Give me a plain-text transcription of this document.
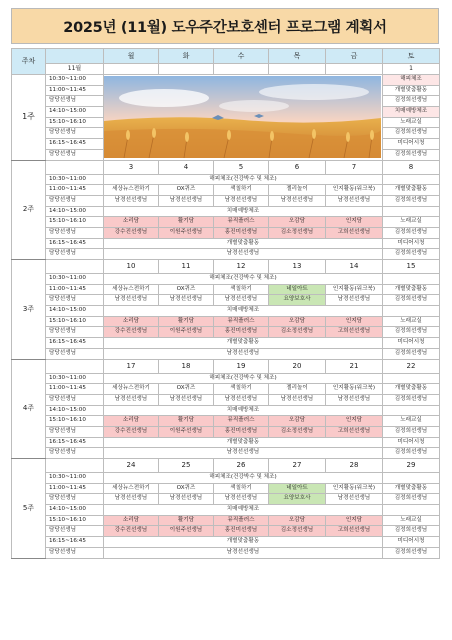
2025년 (11월) 도우주간보호센터 프로그램 계획서
주차		월	화	수	목	금	토
	11월						1
1주	10:30~11:00						해피체조
	11:00~11:45						개별맞춤활동
	담당선생님						김정희선생님
	14:10~15:00						치매예방체조
	15:10~16:10						노래교실
	담당선생님						김정희선생님
	16:15~16:45						미디어시청
	담당선생님						김정희선생님
2주		3	4	5	6	7	8
	10:30~11:00	해피체조(건강박수 및 체조)					
	11:00~11:45	세상뉴스전하기	OX퀴즈	색칠하기	젤리놀이	인지활동(워크북)	개별맞춤활동
	담당선생님	남경선선생님	남경선선생님	남경선선생님	남경선선생님	남경선선생님	김정희선생님
	14:10~15:00	치매예방체조					
	15:10~16:10	소리담	활기담	뮤직플러스	오감담	인지담	노래교실
	담당선생님	강수진선생님	이원주선생님	홍진미선생님	김소정선생님	고희선선생님	김정희선생님
	16:15~16:45	개별맞춤활동					미디어시청
	담당선생님	남경선선생님					김정희선생님
3주		10	11	12	13	14	15
	10:30~11:00	해피체조(건강박수 및 체조)					
	11:00~11:45	세상뉴스전하기	OX퀴즈	색칠하기	네일아트	인지활동(워크북)	개별맞춤활동
	담당선생님	남경선선생님	남경선선생님	남경선선생님	요양보호사	남경선선생님	김정희선생님
	14:10~15:00	치매예방체조					
	15:10~16:10	소리담	활기담	뮤직플러스	오감담	인지담	노래교실
	담당선생님	강수진선생님	이원주선생님	홍진미선생님	김소정선생님	고희선선생님	김정희선생님
	16:15~16:45	개별맞춤활동					미디어시청
	담당선생님	남경선선생님					김정희선생님
4주		17	18	19	20	21	22
	10:30~11:00	해피체조(건강박수 및 체조)					
	11:00~11:45	세상뉴스전하기	OX퀴즈	색칠하기	젤리놀이	인지활동(워크북)	개별맞춤활동
	담당선생님	남경선선생님	남경선선생님	남경선선생님	남경선선생님	남경선선생님	김정희선생님
	14:10~15:00	치매예방체조					
	15:10~16:10	소리담	활기담	뮤직플러스	오감담	인지담	노래교실
	담당선생님	강수진선생님	이원주선생님	홍진미선생님	김소정선생님	고희선선생님	김정희선생님
	16:15~16:45	개별맞춤활동					미디어시청
	담당선생님	남경선선생님					김정희선생님
5주		24	25	26	27	28	29
	10:30~11:00	해피체조(건강박수 및 체조)					
	11:00~11:45	세상뉴스전하기	OX퀴즈	색칠하기	네일아트	인지활동(워크북)	개별맞춤활동
	담당선생님	남경선선생님	남경선선생님	남경선선생님	요양보호사	남경선선생님	김정희선생님
	14:10~15:00	치매예방체조					
	15:10~16:10	소리담	활기담	뮤직플러스	오감담	인지담	노래교실
	담당선생님	강수진선생님	이원주선생님	홍진미선생님	김소정선생님	고희선선생님	김정희선생님
	16:15~16:45	개별맞춤활동					미디어시청
	담당선생님	남경선선생님					김정희선생님
